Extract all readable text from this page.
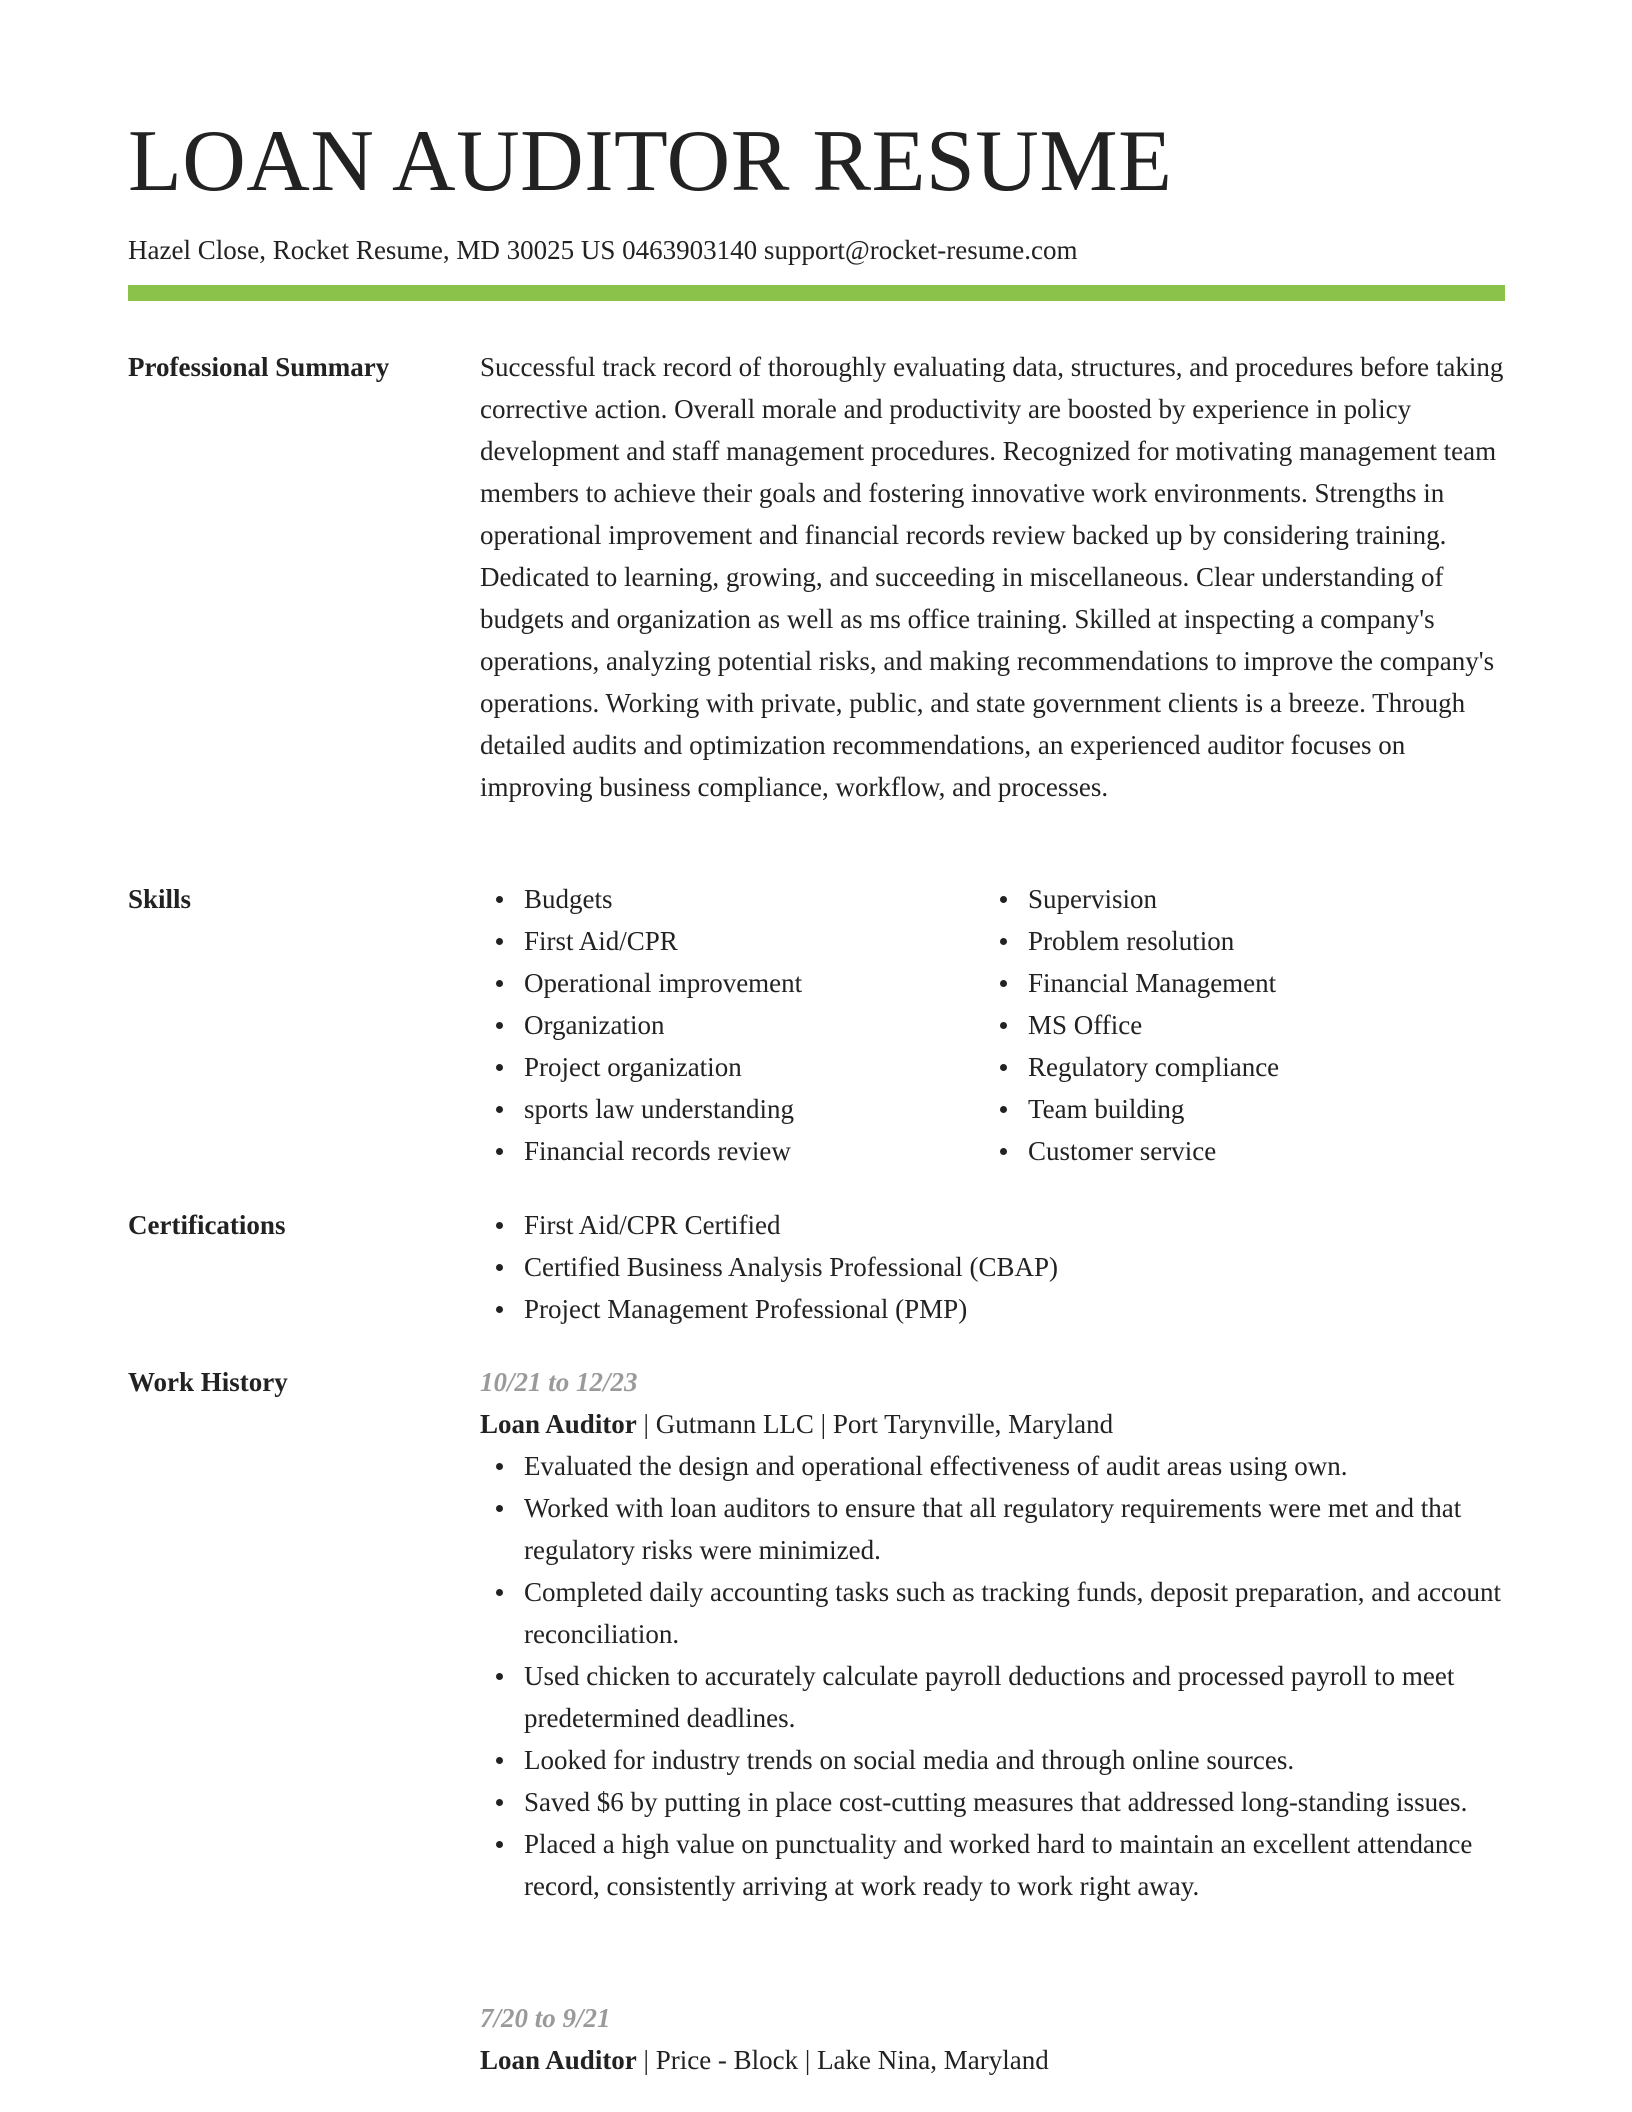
LOAN AUDITOR RESUME
Hazel Close, Rocket Resume, MD 30025 US 0463903140 support@rocket-resume.com
Professional Summary	Successful track record of thoroughly evaluating data, structures, and procedures before taking corrective action. Overall morale and productivity are boosted by experience in policy development and staff management procedures. Recognized for motivating management team members to achieve their goals and fostering innovative work environments. Strengths in operational improvement and financial records review backed up by considering training. Dedicated to learning, growing, and succeeding in miscellaneous. Clear understanding of budgets and organization as well as ms office training. Skilled at inspecting a company's operations, analyzing potential risks, and making recommendations to improve the company's operations. Working with private, public, and state government clients is a breeze. Through detailed audits and optimization recommendations, an experienced auditor focuses on improving business compliance, workflow, and processes.

Skills	Budgets
First Aid/CPR
Operational improvement
Organization
Project organization
sports law understanding
Financial records review
Supervision
Problem resolution
Financial Management
MS Office
Regulatory compliance
Team building
Customer service
Certifications	First Aid/CPR Certified
Certified Business Analysis Professional (CBAP)
Project Management Professional (PMP)
Work History	10/21 to 12/23
Loan Auditor | Gutmann LLC | Port Tarynville, Maryland
Evaluated the design and operational effectiveness of audit areas using own.
Worked with loan auditors to ensure that all regulatory requirements were met and that regulatory risks were minimized.
Completed daily accounting tasks such as tracking funds, deposit preparation, and account reconciliation.
Used chicken to accurately calculate payroll deductions and processed payroll to meet predetermined deadlines.
Looked for industry trends on social media and through online sources.
Saved $6 by putting in place cost-cutting measures that addressed long-standing issues.
Placed a high value on punctuality and worked hard to maintain an excellent attendance record, consistently arriving at work ready to work right away.
7/20 to 9/21
Loan Auditor | Price - Block | Lake Nina, Maryland
